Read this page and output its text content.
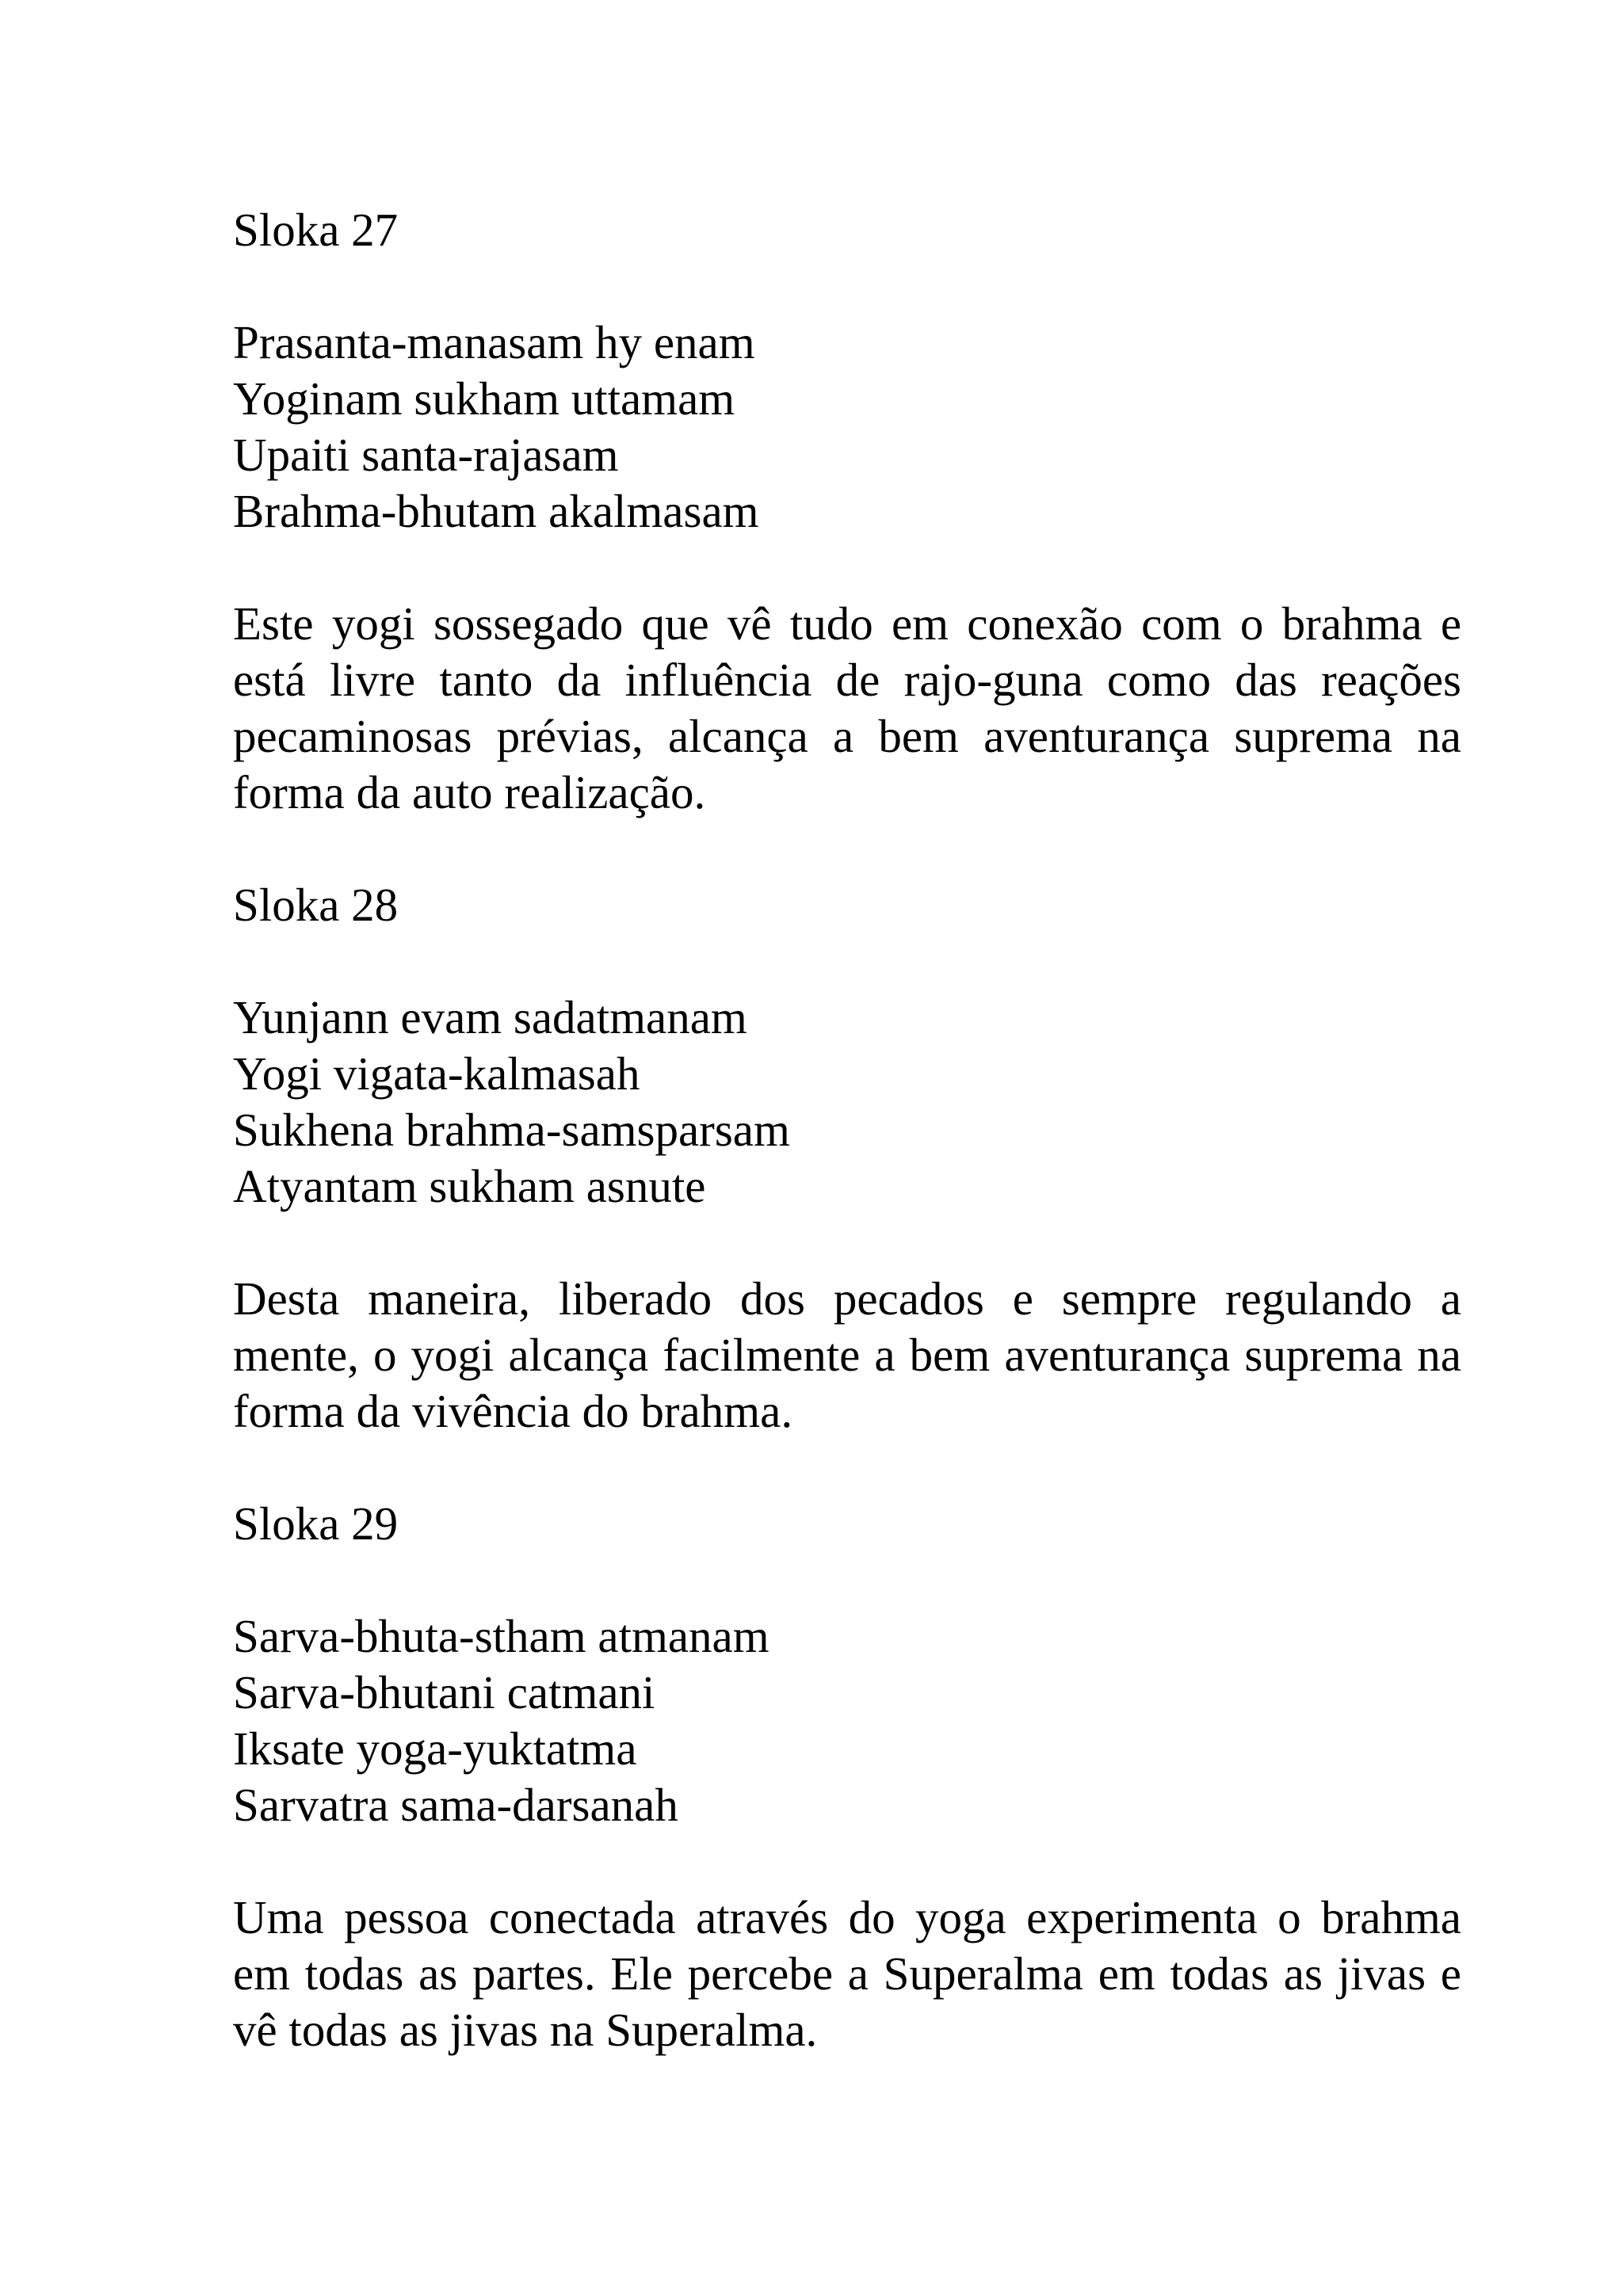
Sloka 27

Prasanta-manasam hy enam
Yoginam sukham uttamam
Upaiti santa-rajasam
Brahma-bhutam akalmasam

Este yogi sossegado que vê tudo em conexão com o brahma e está livre tanto da influência de rajo-guna como das reações pecaminosas prévias, alcança a bem aventurança suprema na forma da auto realização.

Sloka 28

Yunjann evam sadatmanam
Yogi vigata-kalmasah
Sukhena brahma-samsparsam
Atyantam sukham asnute

Desta maneira, liberado dos pecados e sempre regulando a mente, o yogi alcança facilmente a bem aventurança suprema na forma da vivência do brahma.

Sloka 29

Sarva-bhuta-stham atmanam
Sarva-bhutani catmani
Iksate yoga-yuktatma
Sarvatra sama-darsanah

Uma pessoa conectada através do yoga experimenta o brahma em todas as partes. Ele percebe a Superalma em todas as jivas e vê todas as jivas na Superalma.
